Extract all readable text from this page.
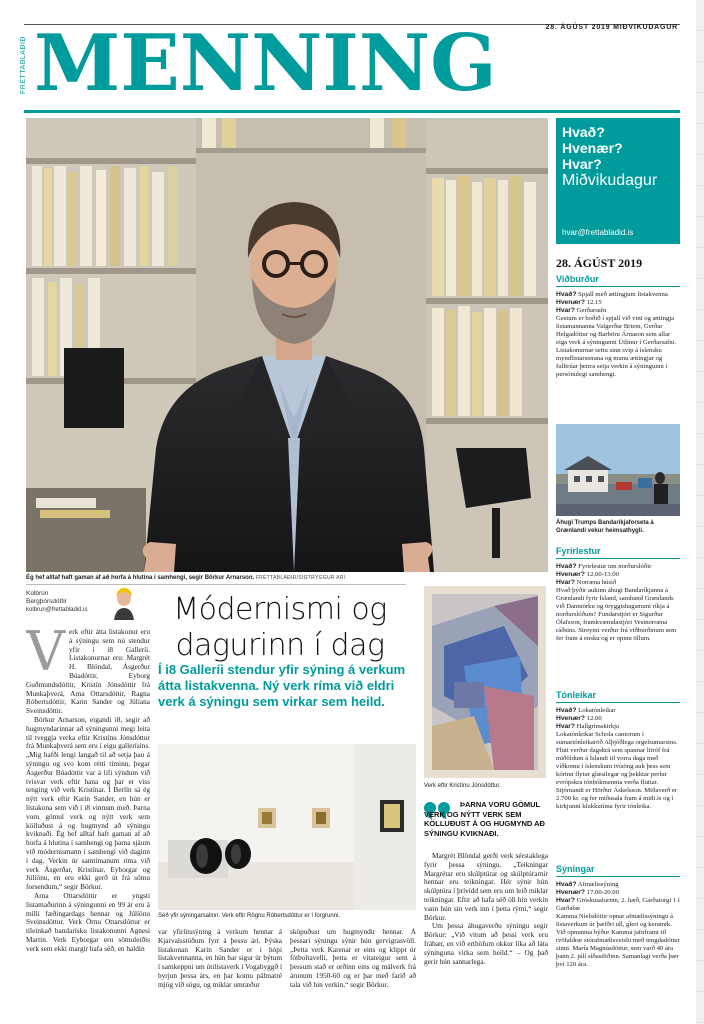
28. ÁGÚST 2019 MIÐVIKUDAGUR
FRÉTTABLAÐIÐ MENNING
Ég hef alltaf haft gaman af að horfa á hlutina í samhengi, segir Börkur Arnarson. FRÉTTABLAÐIÐ/SIGTRYGGUR ARI
Kolbrún
Bergþórsdóttir
kolbrun@frettabladid.is	Módernismi og dagurinn í dag
Í i8 Galleríi stendur yfir sýning á verkum átta listakvenna. Ný verk ríma við eldri verk á sýningu sem virkar sem heild.
V erk eftir átta listakonur eru á sýningu sem nú stendur yfir í i8 Galleríi. Listakonurnar eru: Margrét H. Blöndal, Ásgerður Búadóttir, Eyborg Guðmundsdóttir, Kristín Jónsdóttir frá Munkaþverá, Arna Ottarsdóttir, Ragna Róbertsdóttir, Karin Sander og Júlíana Sveinsdóttir.

Börkur Arnarson, eigandi i8, segir að hugmyndarinnar að sýningunni megi leita til tveggja verka eftir Kristínu Jónsdóttur frá Munkaþverá sem eru í eigu gallerísins. „Mig hafði lengi langað til að setja þau á sýningu og svo kom rétti tíminn, þegar Ásgerður Búadóttir var á lífi sýndum við tvisvar verk eftir hana og þar er viss tenging við verk Kristínar. Í Berlín sá ég nýtt verk eftir Karin Sander, en hún er listakona sem við í i8 vinnum með. Þarna voru gömul verk og nýtt verk sem kölluðust á og hugmynd að sýningu kviknaði. Ég hef alltaf haft gaman af að horfa á hlutina í samhengi og þarna sjáum við módernismann í samhengi við daginn í dag. Verkin úr samtímanum ríma við verk Ásgerðar, Kristínar, Eyborgar og Júlíönu, en eru ekki gerð út frá sömu forsendum,“ segir Börkur.

Arna Ottarsdóttir er yngsti listamaðurinn á sýningunni en 99 ár eru á milli fæðingardags hennar og Júlíönu Sveinsdóttur. Verk Örnu Ottarsdóttur er tileinkað bandarísku listakonunni Agnesi Martin. Verk Eyborgar eru sömuleiðis verk sem ekki margir hafa séð, en haldin

Séð yfir sýningarsalinn. Verk eftir Rögnu Róbertsdóttur er í forgrunni.

var yfirlitssýning á verkum hennar á Kjarvalsstöðum fyrr á þessu ári. Þýska listakonan Karin Sander er í hópi listakvennanna, en hún bar sigur úr býtum í samkeppni um útilistaverk í Vogabyggð í byrjun þessa árs, en þar komu pálmatré mjög við sögu, og miklar umræður

sköpuðust um hugmyndir hennar. Á þessari sýningu sýnir hún gervigrasvöll. „Þetta verk Karenar er eins og klippt úr fótboltavelli, þetta er vitateigur sem á þessum stað er orðinn eins og málverk frá árunum 1950-60 og er þar með farið að tala við hin verkin,“ segir Börkur.

Verk eftir Kristínu Jónsdóttur.
ÞARNA VORU GÖMUL VERK OG NÝTT VERK SEM KÖLLUÐUST Á OG HUGMYND AÐ SÝNINGU KVIKNAÐI.

Margrét Blöndal gerði verk sérstaklega fyrir þessa sýningu. „Teikningar Margrétar eru skúlptúrar og skúlptúrarnir hennar eru teikningar. Hér sýnir hún skúlptúra í þrívídd sem eru um leið miklar teikningar. Eftir að hafa séð öll hin verkin vann hún sín verk inn í þetta rými,“ segir Börkur.

Um þessa áhugaverðu sýningu segir Börkur: „Við vitum að þessi verk eru frábær, en við erthöfum okkur líka að láta sýninguna virka sem heild.“ – Og það gerir hún sannarlega.

Hvað?
Hvenær?
Hvar?
Miðvikudagur
hvar@frettabladid.is
28. ÁGÚST 2019
Viðburður
Hvað? Spjall með ættingjum listakvenna
Hvenær? 12.15
Hvar? Gerðarsafn
Gestum er boðið í spjall við vini og ættingja listamannanna Valgerðar Briem, Gerðar Helgadóttur og Barböru Árnason sem allar eiga verk á sýningunni Útlínur í Gerðarsafni. Listakonurnar settu sinn svip á íslensku myndlistarsenuna og munu ættingjar og fulltrúar þeirra setja verkin á sýningunni í persónulegt samhengi.
Áhugi Trumps Bandaríkjaforseta á Grænlandi vekur heimsathygli.
Fyrirlestur
Hvað? Fyrirlestur um norðurslóðir
Hvenær? 12.00-13.00
Hvar? Norræna húsið
Hvað þýðir aukinn áhugi Bandaríkjanna á Grænlandi fyrir Ísland, samband Grænlands við Danmörku og öryggishagsmuni ríkja á norðurslóðum? Fundarstjóri er Sigurður Ólafsson, framkvæmdastjóri Vestnorræna ráðsins. Streymt verður frá viðburðinum sem fer fram á ensku og er opinn öllum.
Tónleikar
Hvað? Lokatónleikar
Hvenær? 12.00
Hvar? Hallgrímskirkja
Lokatónleikar Schola cantorum í sumartónleikaröð Alþjóðlega orgelsumarsins. Flutt verður dagskrá sem spannar litróf frá miðöldum á Íslandi til vorra daga með víðkomu í íslenskum tvísöng auk þess sem kórinn flytur glæsilegar og þekktar perlur evrópskra tónbókmennta verða fluttar. Stjórnandi er Hörður Áskelsson. Miðaverð er 2.700 kr. og fer miðasala fram á midi.is og í kirkjunni klukkutíma fyrir tónleika.
Sýningar
Hvað? Afmælissýning
Hvenær? 17.00-20.00
Hvar? Gróskusalurinn, 2. hæð, Garðatorgi 1 í Garðabæ
Kamma Níelsdóttir opnar afmælissýningu á listaverkum úr þæfðri ull, gleri og keramik. Við opnunina býður Kamma jafnframt til tvöfaldrar stórafmælisveislu með tengdadóttur sinni. María Magnúsdóttur, sem varð 40 ára þann 2. júlí síðastliðinn. Samanlagt verða þær því 120 ára.
